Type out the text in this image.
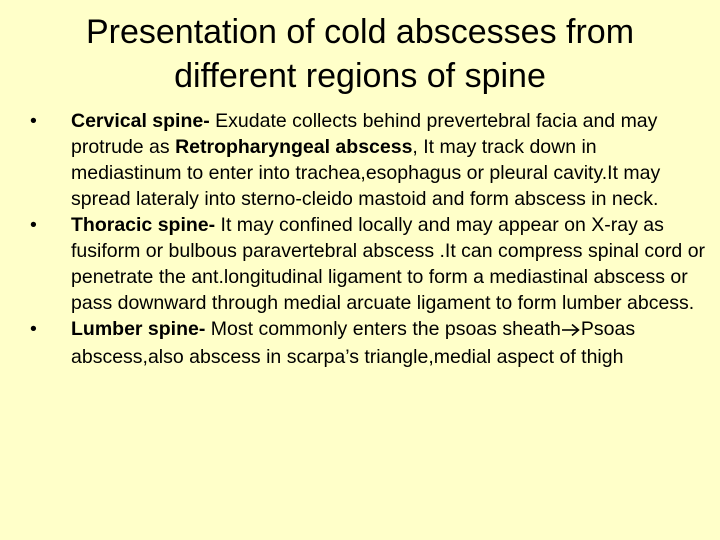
Presentation of cold abscesses from
different regions of spine
•	Cervical spine- Exudate collects behind prevertebral facia and may protrude as Retropharyngeal abscess, It may track down in mediastinum to enter into trachea,esophagus or pleural cavity.It may spread lateraly into sterno-cleido mastoid and form abscess in neck.
•	Thoracic spine- It may confined locally and may appear on X-ray as fusiform or bulbous paravertebral abscess .It can compress spinal cord or penetrate the ant.longitudinal ligament to form a mediastinal abscess or pass downward through medial arcuate ligament to form lumber abcess.
•	Lumber spine- Most commonly enters the psoas sheath Psoas abscess,also abscess in scarpa’s triangle,medial aspect of thigh
